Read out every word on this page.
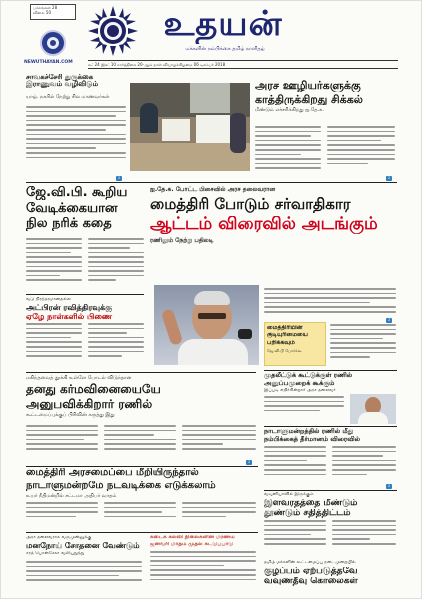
பக்கங்கள் 28
விலை 50
NEWUTHAYAN.COM
உதயன்
மக்களின் நம்பிக்கை தமிழ் நாளிதழ்
கூ: 24 இல: 10 கார்த்திகை 20-ஆம் நாள் வியாழக்கிழமை 06 டிசம்பர் 2018
சாவகச்சேரி துருக்கை இராணுவம் வழிவிடும்
யாழ். நகரில் நேற்று சில மாணவர்கள்
அரச ஊழியர்களுக்கு
காத்திருக்கிறது சிக்கல்
மீண்டும் எச்சரிக்கிறது ஐ.தே.க.
ஜே.வி.பி. கூறிய
வேடிக்கையான
நில நரிக் கதை
வடு நிரந்தரமானதல்ல
அட்பிரன் ரவித்திரவுக்கு
ஏழே நாள்களில் பிணை
ஐ.தே.க. போட்ட பிசைவில் அரச தலைவரான
மைத்திரி போடும் சர்வாதிகார
ஆட்டம் விரைவில் அடங்கும்
ரணிலும் நேற்று பதிலடி
மைத்திரியின்
குடியுரிமையை
பறிக்கவும்
ஜே.வி.பி போர்க்கூ
முதலீட்டுக் கூட்டுக்குள் ரணில்
அனுப்பமுறைக் கூக்கும்
இப்படி எதிர்கின்றார் அரச தலைவர்
நாடாளுமன்றத்தில் ரணில் மீது
நம்பிக்கைத் தீர்மானம் விரைவில்
வவுனியாவில் இருக்கும்
இளவரதத்தை மீண்டும்
தூண்டும் சதித்திட்டம்
மகிந்தவைத் தூக்கி உள்ளே போடல் விடுந்தான
தனது கர்மவினையையே
அனுபவிக்கிறார் ரணில்
கூட்டமைப்புக்குப் பிரிவின் கருத்து இது
மைத்திரி அரசமைப்பை மீறியிருந்தால்
நாடாளுமன்றமே நடவடிக்கை எடுக்கலாம்
உயர் நீதிமன்றில் சட்டமா அதிபர் வாதம்
அரச தலைவராக வருமுன்னுக்கு
மனநோய் சோதனை வேண்டும்
சரத் பொன்சேகா வலியுறுத்து
கடைக் கல்வி நிலைகளின் மரணம்
ஜனவரி மாதம் முதல் கட்டுப்பாடு
தமிழ் மக்களின் கூட்டமைப்பு நடைமுறையில்
குழப்பம் ஏற்படுத்தவே
வவுணதீவு கொலைகள்
2	2
2
2
2
